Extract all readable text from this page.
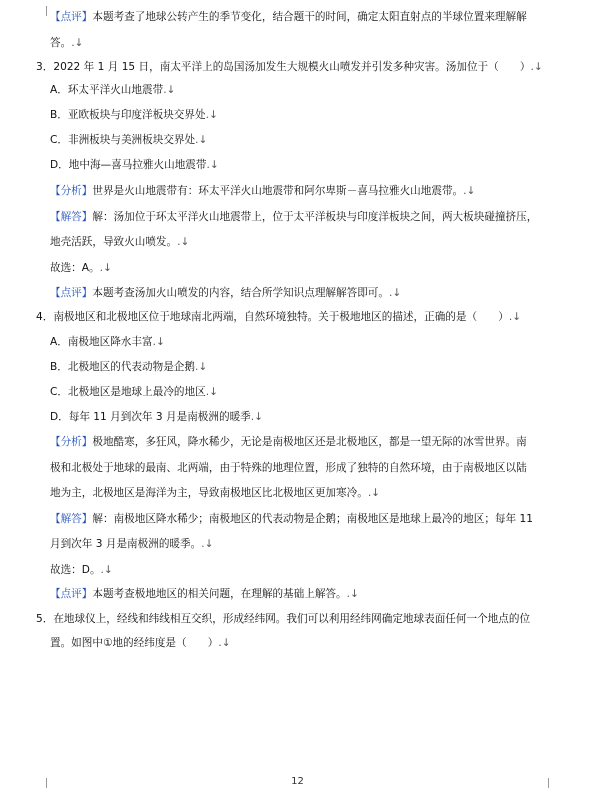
【点评】本题考查了地球公转产生的季节变化，结合题干的时间，确定太阳直射点的半球位置来理解解
答。.↓
3．2022 年 1 月 15 日，南太平洋上的岛国汤加发生大规模火山喷发并引发多种灾害。汤加位于（　　）.↓
A．环太平洋火山地震带.↓
B．亚欧板块与印度洋板块交界处.↓
C．非洲板块与美洲板块交界处.↓
D．地中海—喜马拉雅火山地震带.↓
【分析】世界是火山地震带有：环太平洋火山地震带和阿尔卑斯－喜马拉雅火山地震带。.↓
【解答】解：汤加位于环太平洋火山地震带上，位于太平洋板块与印度洋板块之间，两大板块碰撞挤压，
地壳活跃，导致火山喷发。.↓
故选：A。.↓
【点评】本题考查汤加火山喷发的内容，结合所学知识点理解解答即可。.↓
4．南极地区和北极地区位于地球南北两端，自然环境独特。关于极地地区的描述，正确的是（　　）.↓
A．南极地区降水丰富.↓
B．北极地区的代表动物是企鹅.↓
C．北极地区是地球上最冷的地区.↓
D．每年 11 月到次年 3 月是南极洲的暖季.↓
【分析】极地酷寒，多狂风，降水稀少，无论是南极地区还是北极地区，都是一望无际的冰雪世界。南
极和北极处于地球的最南、北两端，由于特殊的地理位置，形成了独特的自然环境，由于南极地区以陆
地为主，北极地区是海洋为主，导致南极地区比北极地区更加寒冷。.↓
【解答】解：南极地区降水稀少；南极地区的代表动物是企鹅；南极地区是地球上最冷的地区；每年 11
月到次年 3 月是南极洲的暖季。.↓
故选：D。.↓
【点评】本题考查极地地区的相关问题，在理解的基础上解答。.↓
5．在地球仪上，经线和纬线相互交织，形成经纬网。我们可以利用经纬网确定地球表面任何一个地点的位
置。如图中①地的经纬度是（　　）.↓
12
